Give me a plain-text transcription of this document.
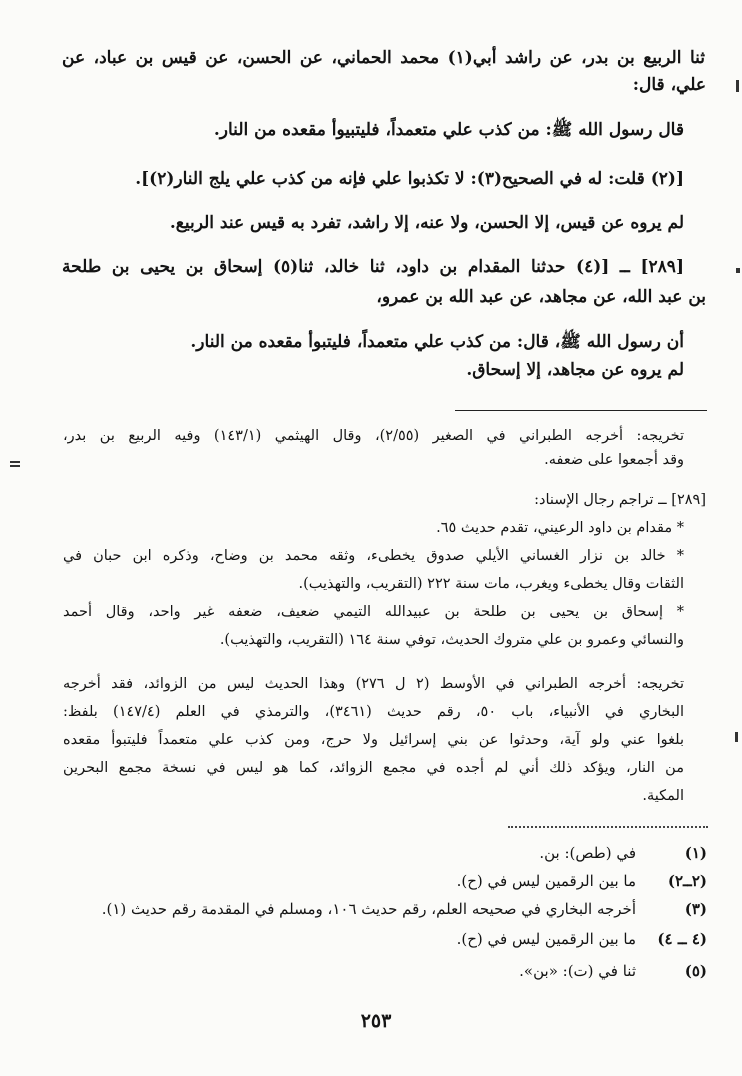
ثنا الربيع بن بدر، عن راشد أبي(١) محمد الحماني، عن الحسن، عن قيس بن عباد، عن
علي، قال:
قال رسول الله ﷺ: من كذب علي متعمداً، فليتبيوأ مقعده من النار.
[(٢) قلت: له في الصحيح(٣): لا تكذبوا علي فإنه من كذب علي يلج النار(٢)].
لم يروه عن قيس، إلا الحسن، ولا عنه، إلا راشد، تفرد به قيس عند الربيع.
[٢٨٩] ــ [(٤) حدثنا المقدام بن داود، ثنا خالد، ثنا(٥) إسحاق بن يحيى بن طلحة
بن عبد الله، عن مجاهد، عن عبد الله بن عمرو،
أن رسول الله ﷺ، قال: من كذب علي متعمداً، فليتبوأ مقعده من النار.
لم يروه عن مجاهد، إلا إسحاق.
تخريجه: أخرجه الطبراني في الصغير (٢/٥٥)، وقال الهيثمي (١٤٣/١) وفيه الربيع بن بدر،
وقد أجمعوا على ضعفه.
[٢٨٩] ــ تراجم رجال الإسناد:
* مقدام بن داود الرعيني، تقدم حديث ٦٥.
* خالد بن نزار الغساني الأيلي صدوق يخطىء، وثقه محمد بن وضاح، وذكره ابن حبان في
الثقات وقال يخطىء ويغرب، مات سنة ٢٢٢ (التقريب، والتهذيب).
* إسحاق بن يحيى بن طلحة بن عبيدالله التيمي ضعيف، ضعفه غير واحد، وقال أحمد
والنسائي وعمرو بن علي متروك الحديث، توفي سنة ١٦٤ (التقريب، والتهذيب).
تخريجه: أخرجه الطبراني في الأوسط (٢ ل ٢٧٦) وهذا الحديث ليس من الزوائد، فقد أخرجه
البخاري في الأنبياء، باب ٥٠، رقم حديث (٣٤٦١)، والترمذي في العلم (١٤٧/٤) بلفظ:
بلغوا عني ولو آية، وحدثوا عن بني إسرائيل ولا حرج، ومن كذب علي متعمداً فليتبوأ مقعده
من النار، ويؤكد ذلك أني لم أجده في مجمع الزوائد، كما هو ليس في نسخة مجمع البحرين
المكية.
(١)
في (طص): بن.
(٢ــ٢)
ما بين الرقمين ليس في (ح).
(٣)
أخرجه البخاري في صحيحه العلم، رقم حديث ١٠٦، ومسلم في المقدمة رقم حديث (١).
(٤ ــ ٤)
ما بين الرقمين ليس في (ح).
(٥)
ثنا في (ت): «بن».
٢٥٣
